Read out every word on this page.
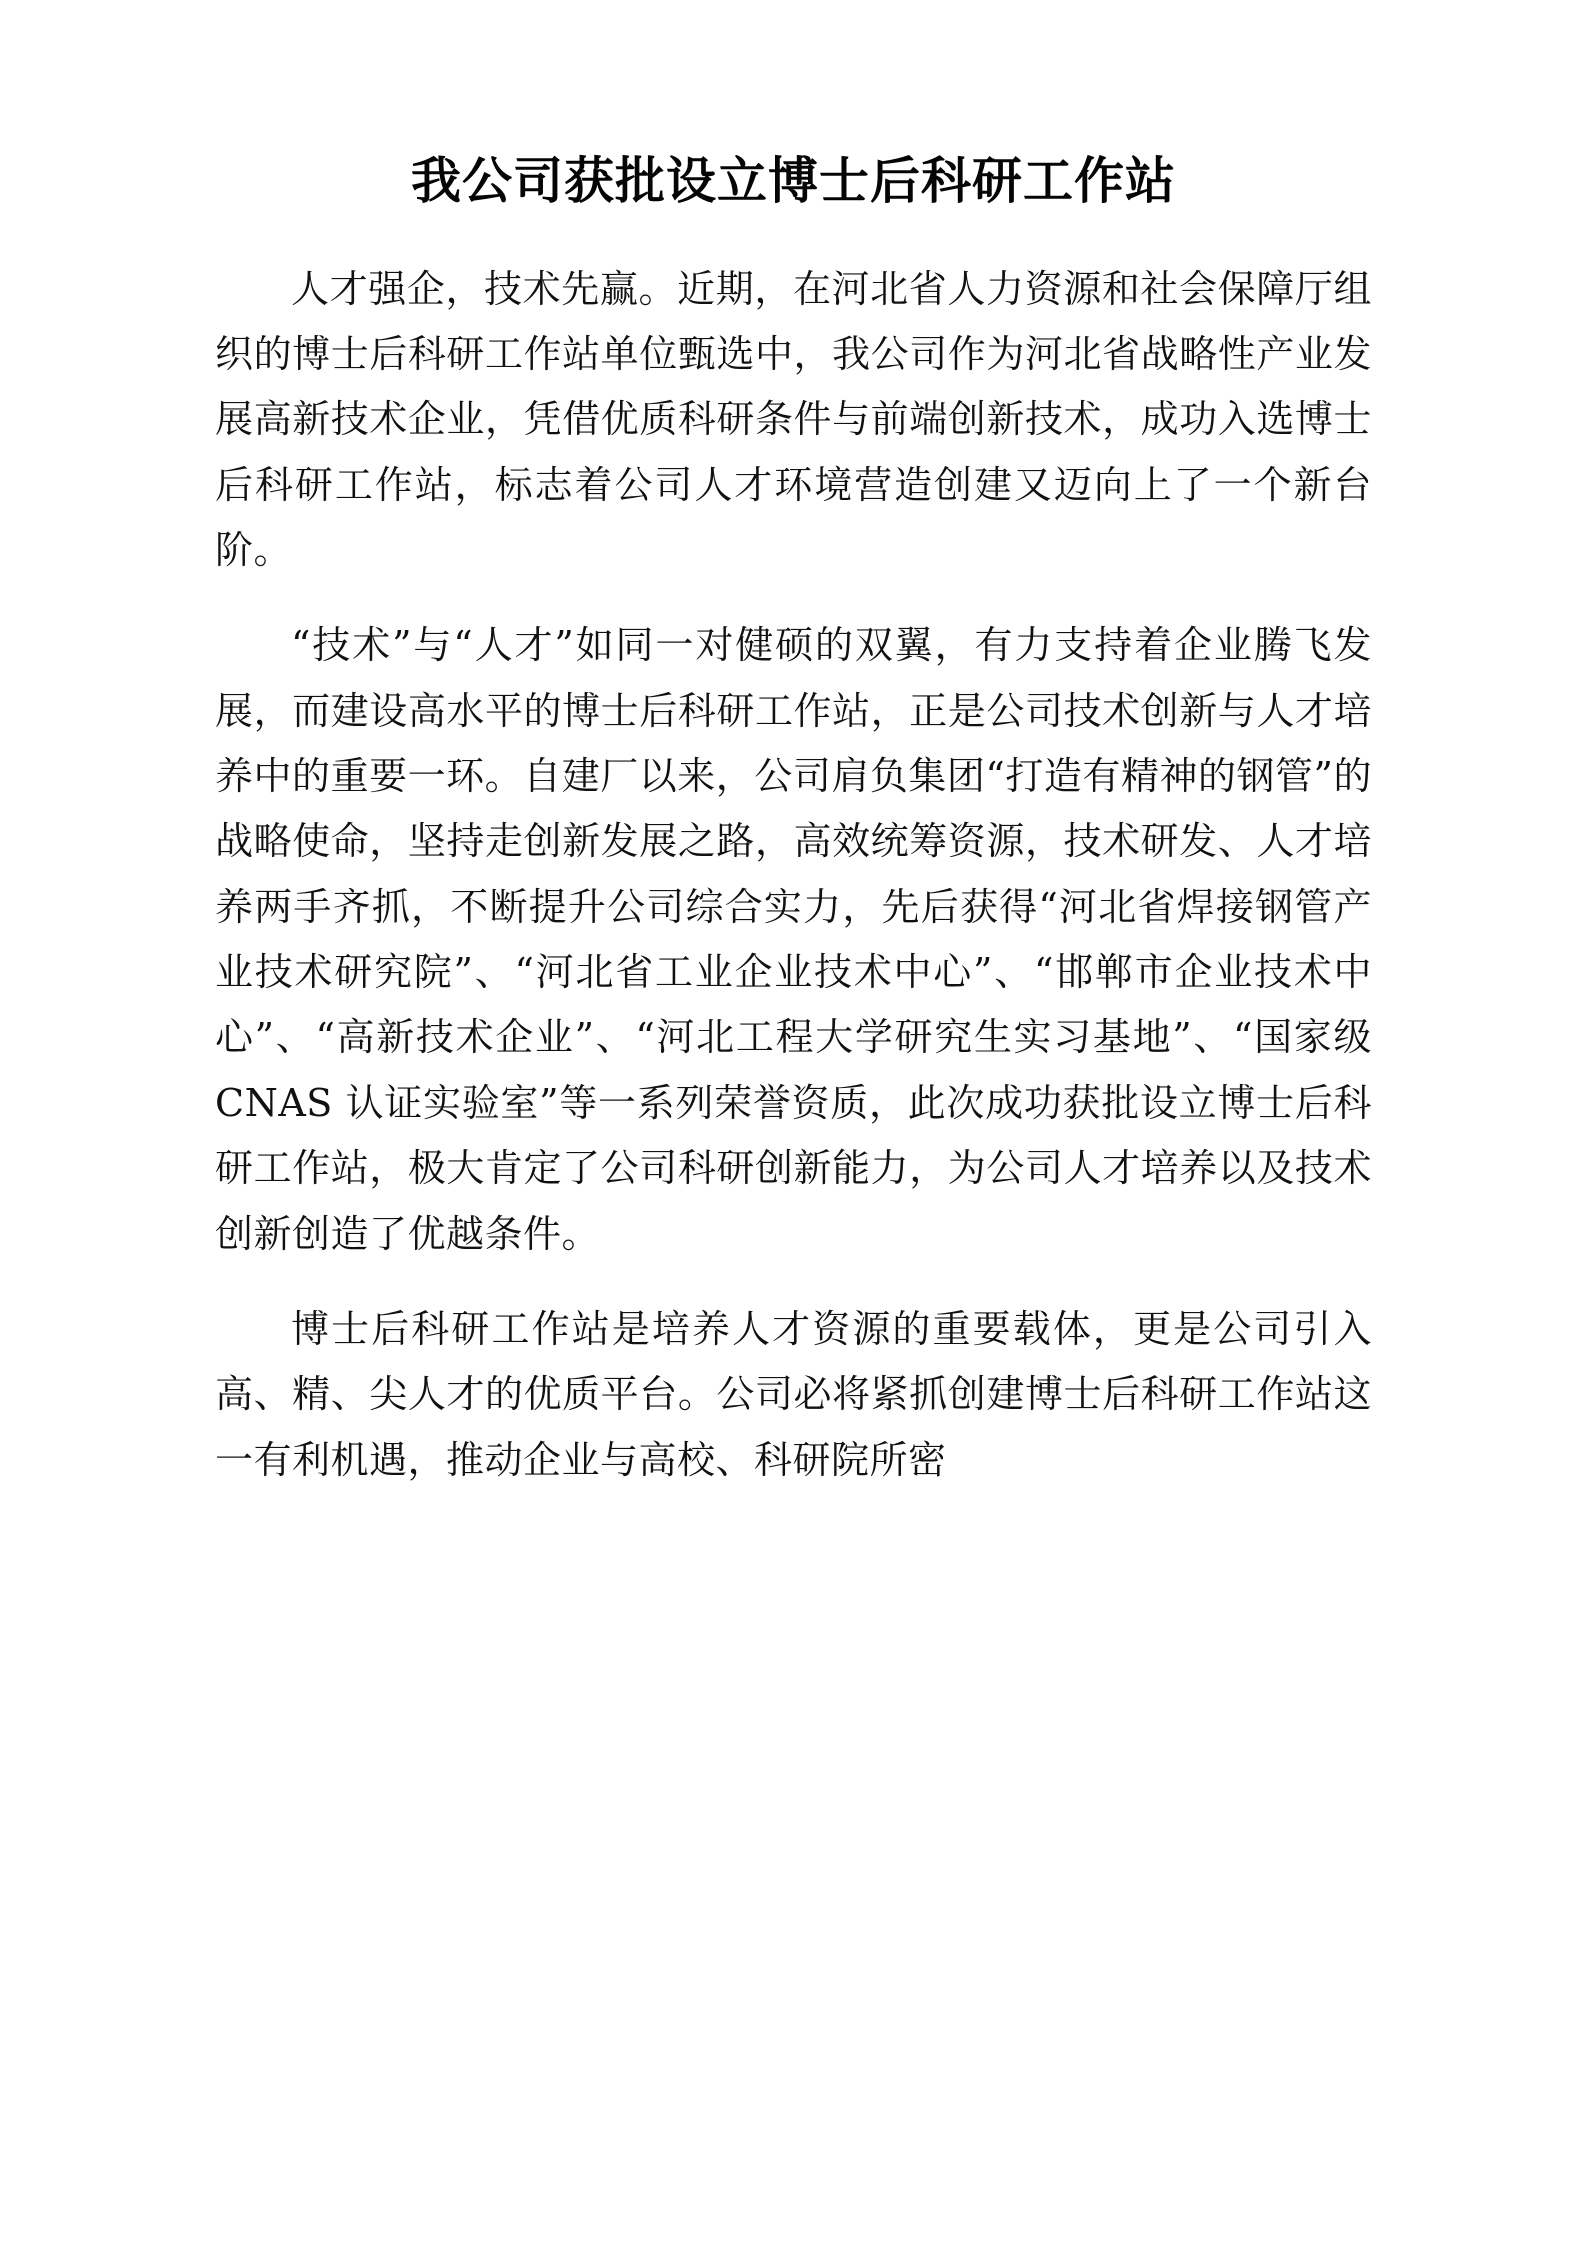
我公司获批设立博士后科研工作站

人才强企，技术先赢。近期，在河北省人力资源和社会保障厅组织的博士后科研工作站单位甄选中，我公司作为河北省战略性产业发展高新技术企业，凭借优质科研条件与前端创新技术，成功入选博士后科研工作站，标志着公司人才环境营造创建又迈向上了一个新台阶。

“技术”与“人才”如同一对健硕的双翼，有力支持着企业腾飞发展，而建设高水平的博士后科研工作站，正是公司技术创新与人才培养中的重要一环。自建厂以来，公司肩负集团“打造有精神的钢管”的战略使命，坚持走创新发展之路，高效统筹资源，技术研发、人才培养两手齐抓，不断提升公司综合实力，先后获得“河北省焊接钢管产业技术研究院”、“河北省工业企业技术中心”、“邯郸市企业技术中心”、“高新技术企业”、“河北工程大学研究生实习基地”、“国家级 CNAS 认证实验室”等一系列荣誉资质，此次成功获批设立博士后科研工作站，极大肯定了公司科研创新能力，为公司人才培养以及技术创新创造了优越条件。

博士后科研工作站是培养人才资源的重要载体，更是公司引入高、精、尖人才的优质平台。公司必将紧抓创建博士后科研工作站这一有利机遇，推动企业与高校、科研院所密
